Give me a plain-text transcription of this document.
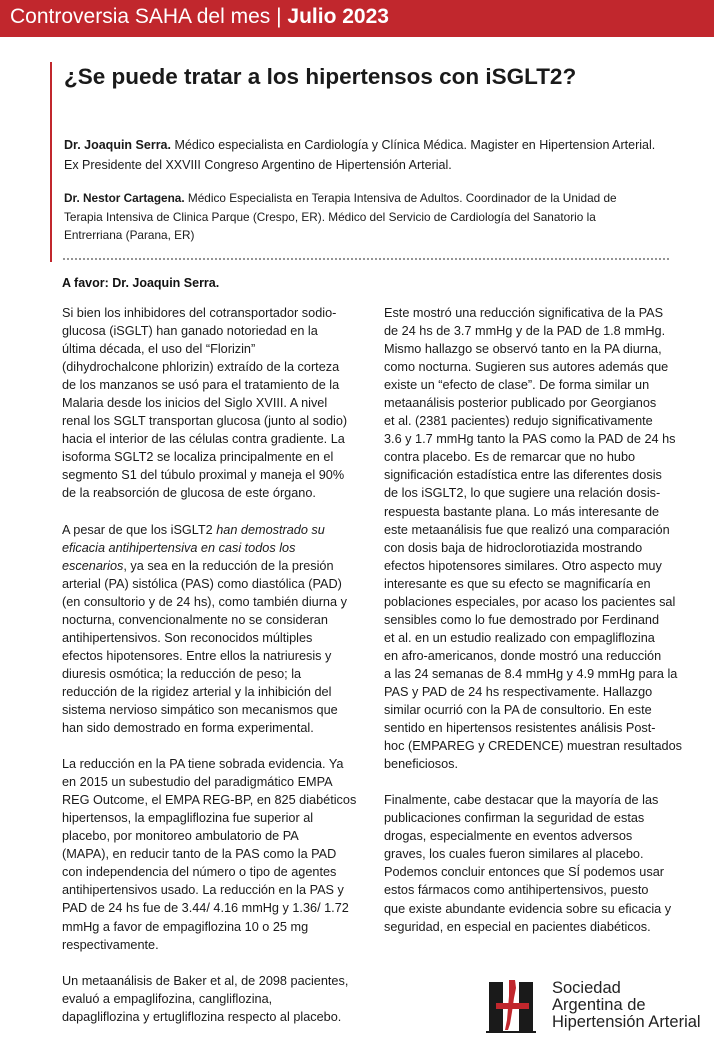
Controversia SAHA del mes | Julio 2023
¿Se puede tratar a los hipertensos con iSGLT2?
Dr. Joaquin Serra. Médico especialista en Cardiología y Clínica Médica. Magister en Hipertension Arterial. Ex Presidente del XXVIII Congreso Argentino de Hipertensión Arterial.
Dr. Nestor Cartagena. Médico Especialista en Terapia Intensiva de Adultos. Coordinador de la Unidad de Terapia Intensiva de Clinica Parque (Crespo, ER). Médico del Servicio de Cardiología del Sanatorio la Entrerriana (Parana, ER)
A favor: Dr. Joaquin Serra.

Si bien los inhibidores del cotransportador sodio-
glucosa (iSGLT) han ganado notoriedad en la
última década, el uso del “Florizin”
(dihydrochalcone phlorizin) extraído de la corteza
de los manzanos se usó para el tratamiento de la
Malaria desde los inicios del Siglo XVIII. A nivel
renal los SGLT transportan glucosa (junto al sodio)
hacia el interior de las células contra gradiente. La
isoforma SGLT2 se localiza principalmente en el
segmento S1 del túbulo proximal y maneja el 90%
de la reabsorción de glucosa de este órgano.

A pesar de que los iSGLT2 han demostrado su
eficacia antihipertensiva en casi todos los
escenarios, ya sea en la reducción de la presión
arterial (PA) sistólica (PAS) como diastólica (PAD)
(en consultorio y de 24 hs), como también diurna y
nocturna, convencionalmente no se consideran
antihipertensivos. Son reconocidos múltiples
efectos hipotensores. Entre ellos la natriuresis y
diuresis osmótica; la reducción de peso; la
reducción de la rigidez arterial y la inhibición del
sistema nervioso simpático son mecanismos que
han sido demostrado en forma experimental.

La reducción en la PA tiene sobrada evidencia. Ya
en 2015 un subestudio del paradigmático EMPA
REG Outcome, el EMPA REG-BP, en 825 diabéticos
hipertensos, la empagliflozina fue superior al
placebo, por monitoreo ambulatorio de PA
(MAPA), en reducir tanto de la PAS como la PAD
con independencia del número o tipo de agentes
antihipertensivos usado. La reducción en la PAS y
PAD de 24 hs fue de 3.44/ 4.16 mmHg y 1.36/ 1.72
mmHg a favor de empagiflozina 10 o 25 mg
respectivamente.

Un metaanálisis de Baker et al, de 2098 pacientes,
evaluó a empaglifozina, cangliflozina,
dapagliflozina y ertugliflozina respecto al placebo.

Este mostró una reducción significativa de la PAS
de 24 hs de 3.7 mmHg y de la PAD de 1.8 mmHg.
Mismo hallazgo se observó tanto en la PA diurna,
como nocturna. Sugieren sus autores además que
existe un “efecto de clase”. De forma similar un
metaanálisis posterior publicado por Georgianos
et al. (2381 pacientes) redujo significativamente
3.6 y 1.7 mmHg tanto la PAS como la PAD de 24 hs
contra placebo. Es de remarcar que no hubo
significación estadística entre las diferentes dosis
de los iSGLT2, lo que sugiere una relación dosis-
respuesta bastante plana. Lo más interesante de
este metaanálisis fue que realizó una comparación
con dosis baja de hidroclorotiazida mostrando
efectos hipotensores similares. Otro aspecto muy
interesante es que su efecto se magnificaría en
poblaciones especiales, por acaso los pacientes sal
sensibles como lo fue demostrado por Ferdinand
et al. en un estudio realizado con empagliflozina
en afro-americanos, donde mostró una reducción
a las 24 semanas de 8.4 mmHg y 4.9 mmHg para la
PAS y PAD de 24 hs respectivamente. Hallazgo
similar ocurrió con la PA de consultorio. En este
sentido en hipertensos resistentes análisis Post-
hoc (EMPAREG y CREDENCE) muestran resultados
beneficiosos.

Finalmente, cabe destacar que la mayoría de las
publicaciones confirman la seguridad de estas
drogas, especialmente en eventos adversos
graves, los cuales fueron similares al placebo.
Podemos concluir entonces que SÍ podemos usar
estos fármacos como antihipertensivos, puesto
que existe abundante evidencia sobre su eficacia y
seguridad, en especial en pacientes diabéticos.

Sociedad
Argentina de
Hipertensión Arterial
